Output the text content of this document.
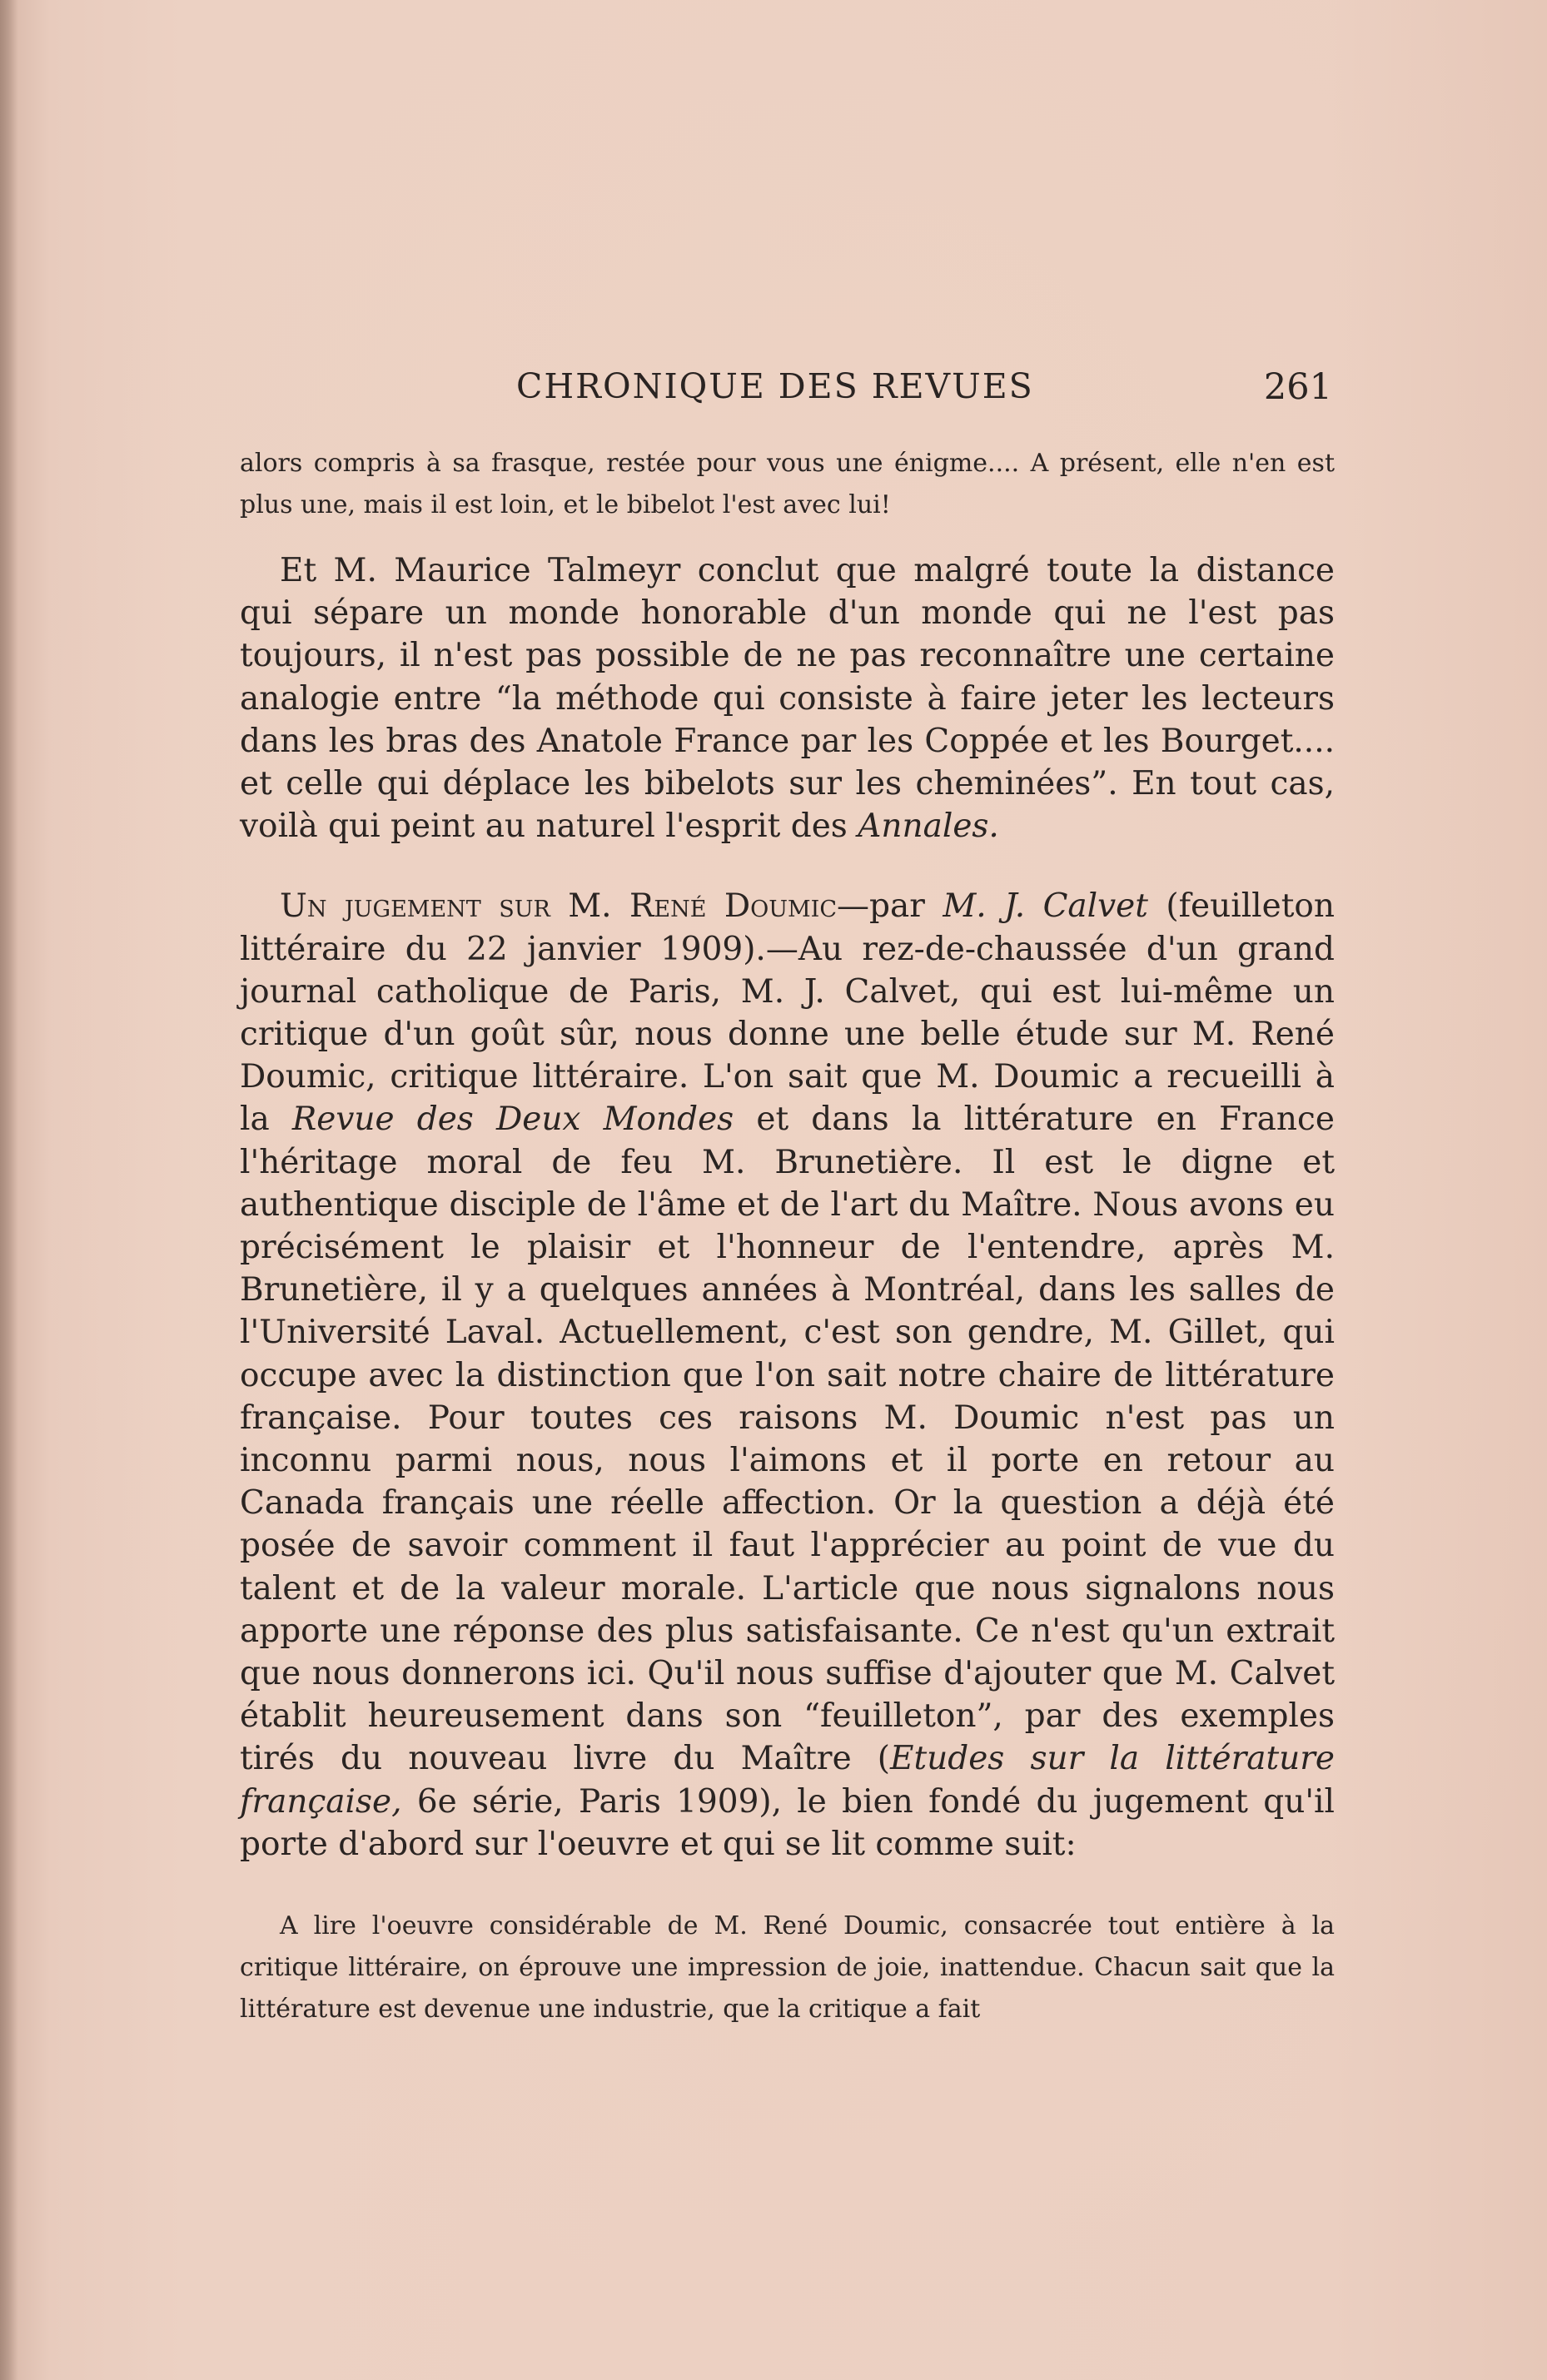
CHRONIQUE DES REVUES	261

alors compris à sa frasque, restée pour vous une énigme.... A présent, elle n'en est plus une, mais il est loin, et le bibelot l'est avec lui!

Et M. Maurice Talmeyr conclut que malgré toute la distance qui sépare un monde honorable d'un monde qui ne l'est pas toujours, il n'est pas possible de ne pas reconnaître une certaine analogie entre “la méthode qui consiste à faire jeter les lecteurs dans les bras des Anatole France par les Coppée et les Bourget.... et celle qui déplace les bibelots sur les cheminées”. En tout cas, voilà qui peint au naturel l'esprit des Annales.

Un jugement sur M. René Doumic—par M. J. Calvet (feuilleton littéraire du 22 janvier 1909).—Au rez-de-chaussée d'un grand journal catholique de Paris, M. J. Calvet, qui est lui-même un critique d'un goût sûr, nous donne une belle étude sur M. René Doumic, critique littéraire. L'on sait que M. Doumic a recueilli à la Revue des Deux Mondes et dans la littérature en France l'héritage moral de feu M. Brunetière. Il est le digne et authentique disciple de l'âme et de l'art du Maître. Nous avons eu précisément le plaisir et l'honneur de l'entendre, après M. Brunetière, il y a quelques années à Montréal, dans les salles de l'Université Laval. Actuellement, c'est son gendre, M. Gillet, qui occupe avec la distinction que l'on sait notre chaire de littérature française. Pour toutes ces raisons M. Doumic n'est pas un inconnu parmi nous, nous l'aimons et il porte en retour au Canada français une réelle affection. Or la question a déjà été posée de savoir comment il faut l'apprécier au point de vue du talent et de la valeur morale. L'article que nous signalons nous apporte une réponse des plus satisfaisante. Ce n'est qu'un extrait que nous donnerons ici. Qu'il nous suffise d'ajouter que M. Calvet établit heureusement dans son “feuilleton”, par des exemples tirés du nouveau livre du Maître (Etudes sur la littérature française, 6e série, Paris 1909), le bien fondé du jugement qu'il porte d'abord sur l'oeuvre et qui se lit comme suit:

A lire l'oeuvre considérable de M. René Doumic, consacrée tout entière à la critique littéraire, on éprouve une impression de joie, inattendue. Chacun sait que la littérature est devenue une industrie, que la critique a fait
